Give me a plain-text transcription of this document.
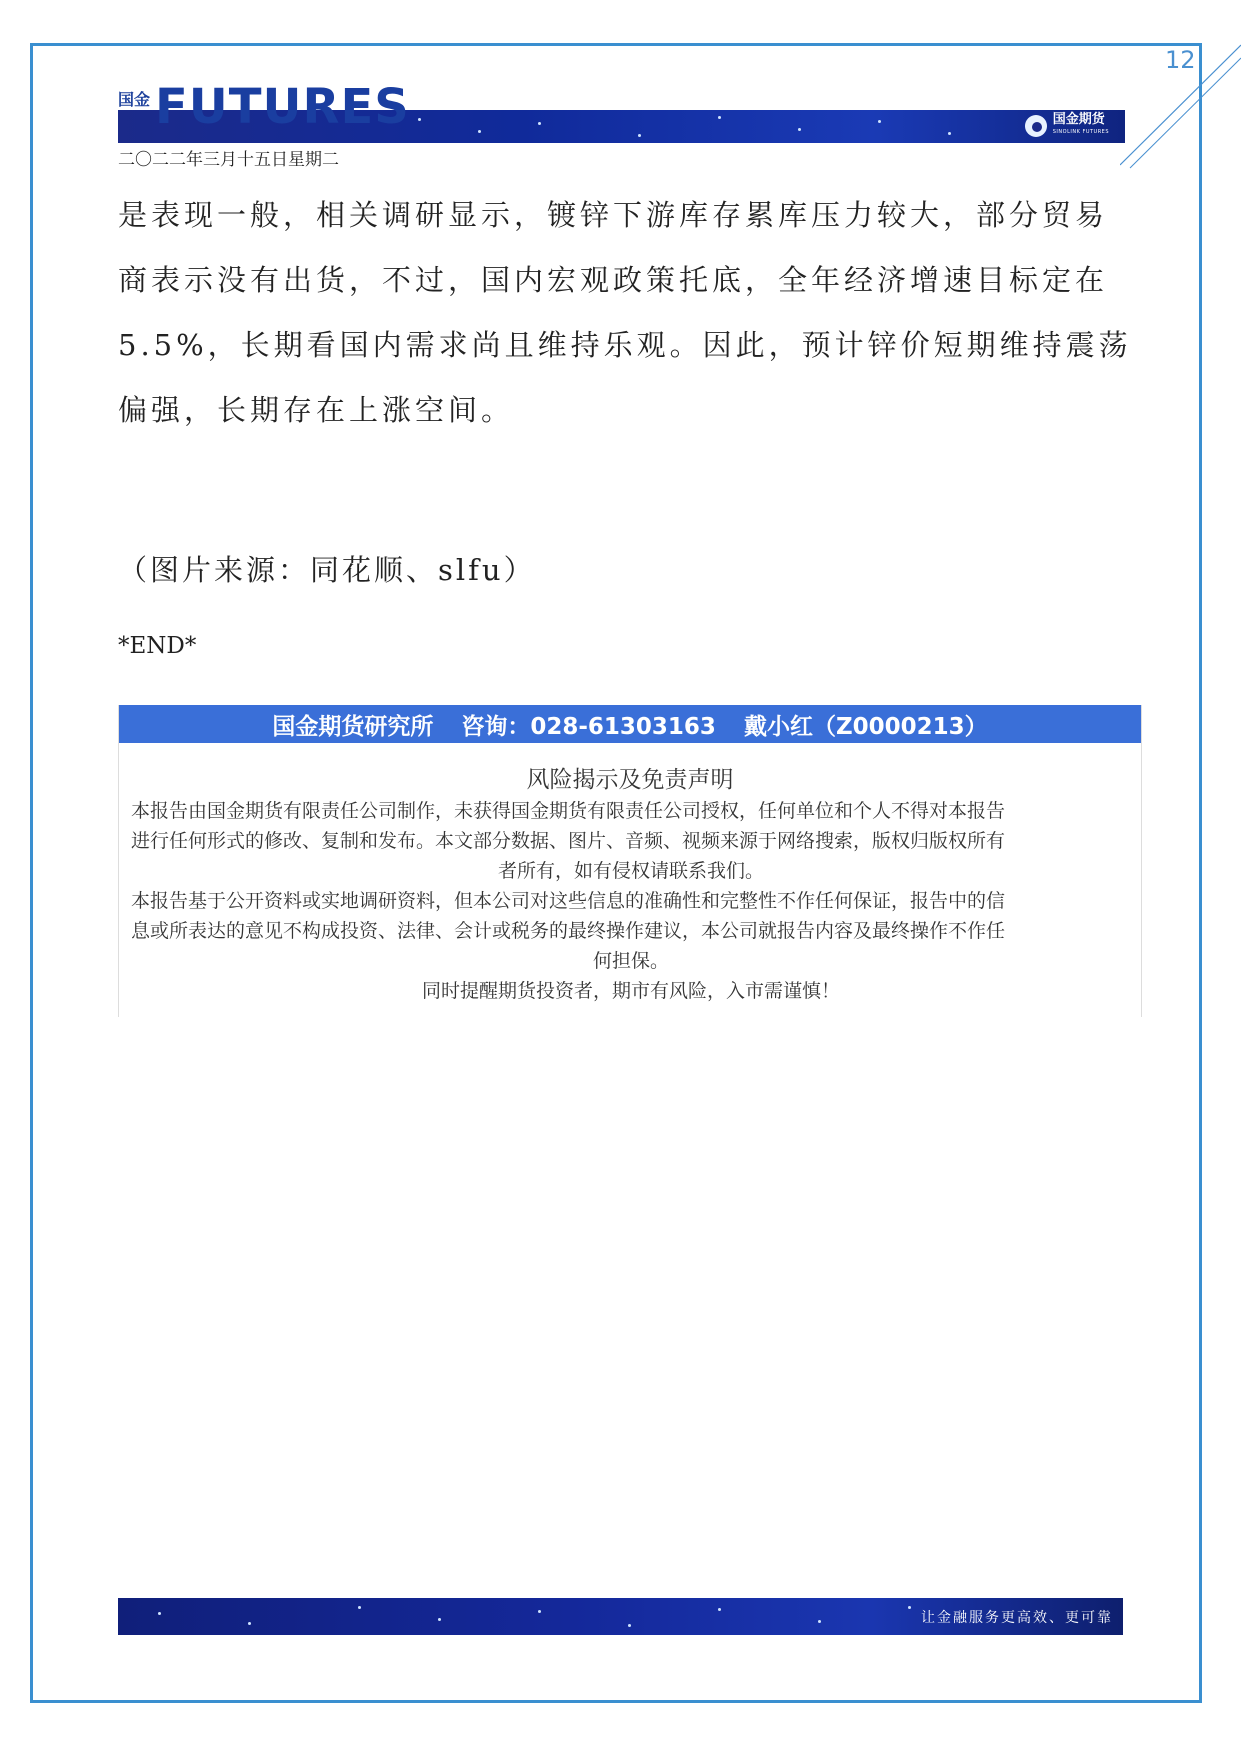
12
国金 FUTURES	国金期货
SINOLINK FUTURES
二〇二二年三月十五日星期二

是表现一般，相关调研显示，镀锌下游库存累库压力较大，部分贸易

商表示没有出货，不过，国内宏观政策托底，全年经济增速目标定在

5.5%，长期看国内需求尚且维持乐观。因此，预计锌价短期维持震荡

偏强，长期存在上涨空间。

（图片来源：同花顺、slfu）
*END*
国金期货研究所 咨询：028-61303163 戴小红（Z0000213）
风险揭示及免责声明

本报告由国金期货有限责任公司制作，未获得国金期货有限责任公司授权，任何单位和个人不得对本报告

进行任何形式的修改、复制和发布。本文部分数据、图片、音频、视频来源于网络搜索，版权归版权所有

者所有，如有侵权请联系我们。

本报告基于公开资料或实地调研资料，但本公司对这些信息的准确性和完整性不作任何保证，报告中的信

息或所表达的意见不构成投资、法律、会计或税务的最终操作建议，本公司就报告内容及最终操作不作任

何担保。

同时提醒期货投资者，期市有风险，入市需谨慎！

让金融服务更高效、更可靠
